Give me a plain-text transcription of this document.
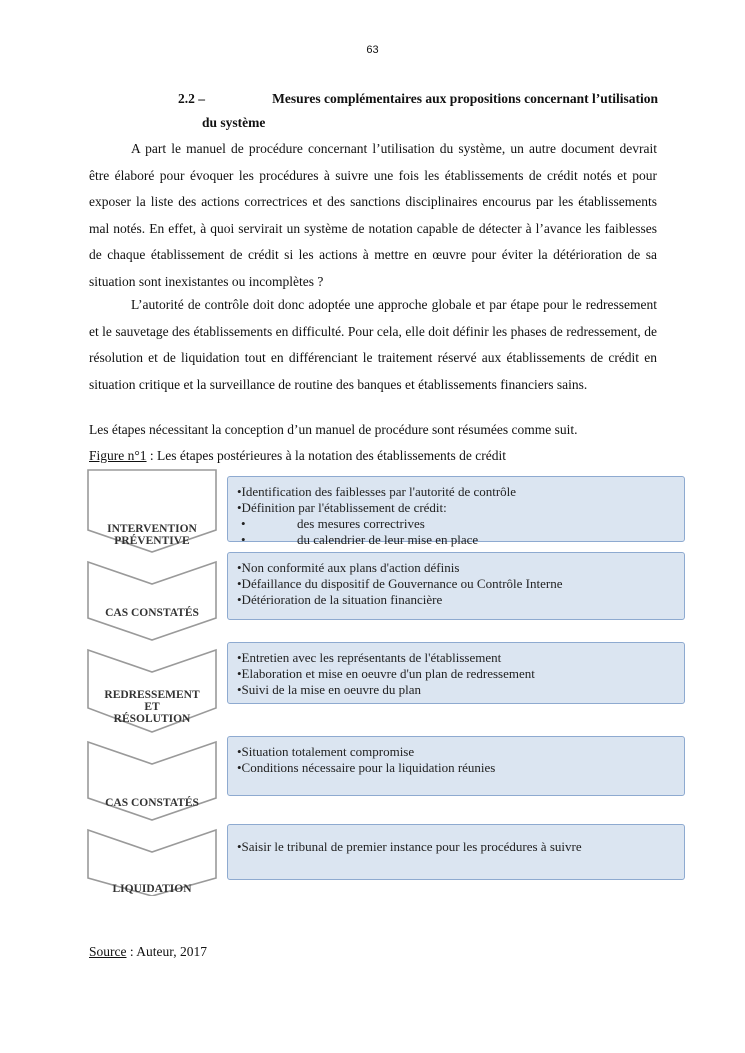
63
2.2 –	Mesures complémentaires aux propositions concernant l’utilisation
du système
A part le manuel de procédure concernant l’utilisation du système, un autre document devrait être élaboré pour évoquer les procédures à suivre une fois les établissements de crédit notés et pour exposer la liste des actions correctrices et des sanctions disciplinaires encourus par les établissements mal notés. En effet, à quoi servirait un système de notation capable de détecter à l’avance les faiblesses de chaque établissement de crédit si les actions à mettre en œuvre pour éviter la détérioration de sa situation sont inexistantes ou incomplètes ?
L’autorité de contrôle doit donc adoptée une approche globale et par étape pour le redressement et le sauvetage des établissements en difficulté. Pour cela, elle doit définir les phases de redressement, de résolution et de liquidation tout en différenciant le traitement réservé aux établissements de crédit en situation critique et la surveillance de routine des banques et établissements financiers sains.
Les étapes nécessitant la conception d’un manuel de procédure sont résumées comme suit.
Figure n°1 : Les étapes postérieures à la notation des établissements de crédit
INTERVENTION
PRÉVENTIVE
CAS CONSTATÉS
REDRESSEMENT
ET
RÉSOLUTION
CAS CONSTATÉS
LIQUIDATION
•Identification des faiblesses par l'autorité de contrôle
•Définition par l'établissement de crédit:
•	des mesures correctrives
•	du calendrier de leur mise en place
•Non conformité aux plans d'action définis
•Défaillance du dispositif de Gouvernance ou Contrôle Interne
•Détérioration de la situation financière
•Entretien avec les représentants de l'établissement
•Elaboration et mise en oeuvre d'un plan de redressement
•Suivi de la mise en oeuvre du plan
•Situation totalement compromise
•Conditions nécessaire pour la liquidation réunies
•Saisir le tribunal de premier instance pour les procédures à suivre
Source : Auteur, 2017
